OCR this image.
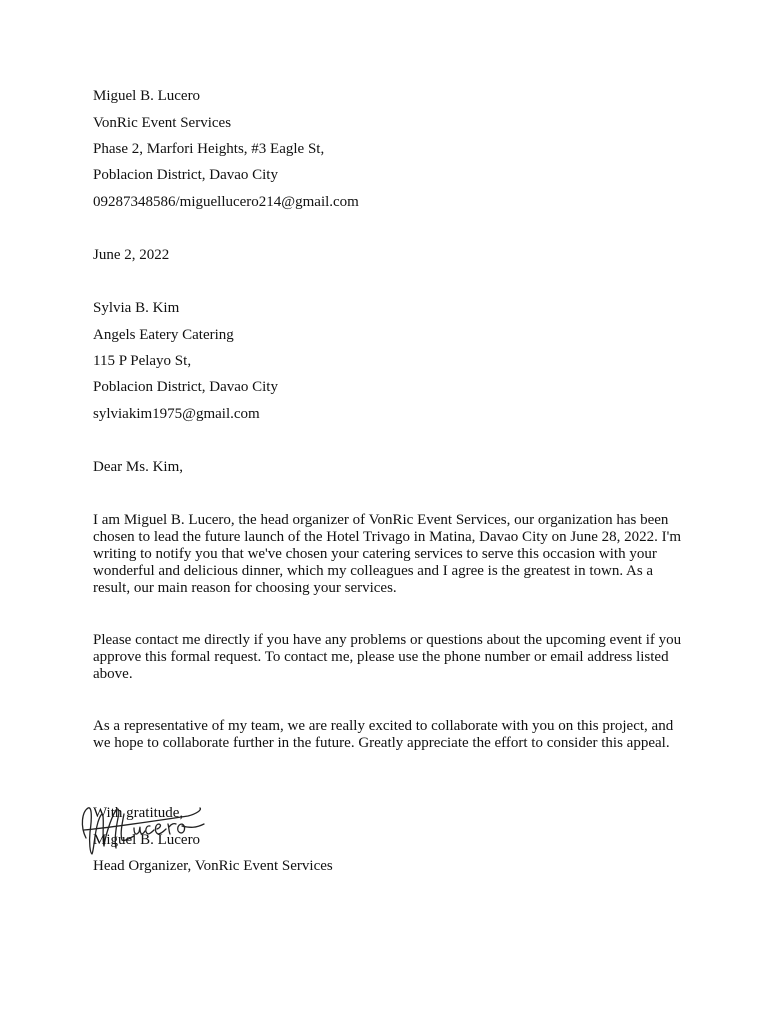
Miguel B. Lucero
VonRic Event Services
Phase 2, Marfori Heights, #3 Eagle St,
Poblacion District, Davao City
09287348586/miguellucero214@gmail.com
June 2, 2022
Sylvia B. Kim
Angels Eatery Catering
115 P Pelayo St,
Poblacion District, Davao City
sylviakim1975@gmail.com
Dear Ms. Kim,
I am Miguel B. Lucero, the head organizer of VonRic Event Services, our organization has been chosen to lead the future launch of the Hotel Trivago in Matina, Davao City on June 28, 2022. I'm writing to notify you that we've chosen your catering services to serve this occasion with your wonderful and delicious dinner, which my colleagues and I agree is the greatest in town. As a result, our main reason for choosing your services.
Please contact me directly if you have any problems or questions about the upcoming event if you approve this formal request. To contact me, please use the phone number or email address listed above.
As a representative of my team, we are really excited to collaborate with you on this project, and we hope to collaborate further in the future. Greatly appreciate the effort to consider this appeal.
With gratitude,
Miguel B. Lucero
Head Organizer, VonRic Event Services
